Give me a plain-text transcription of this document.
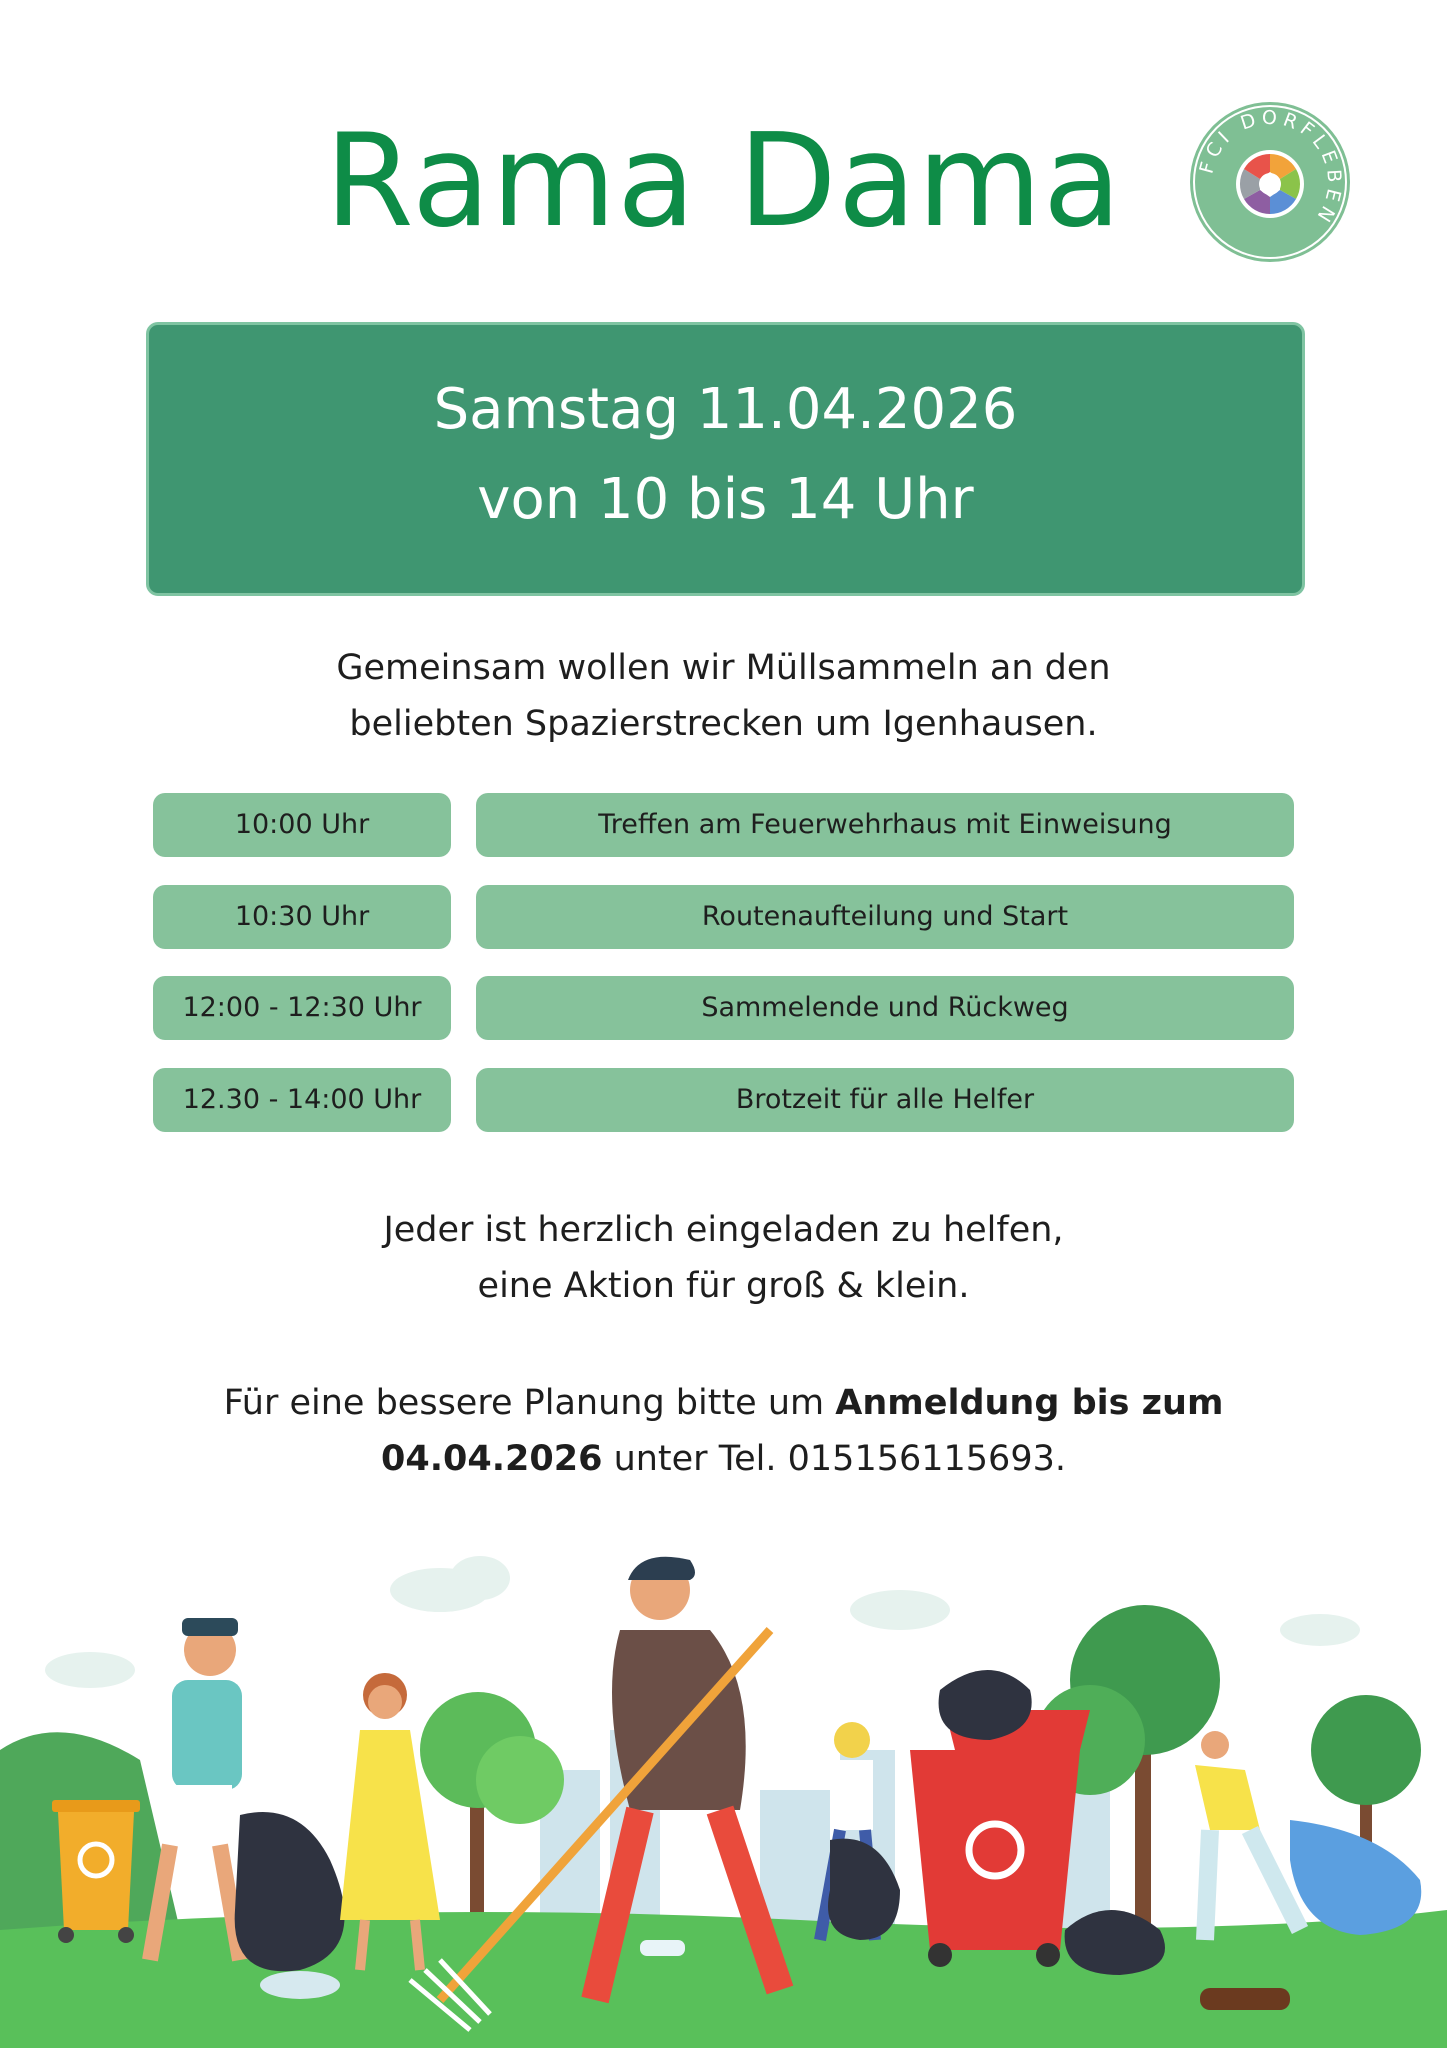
Rama Dama	FCI DORFLEBEN
Samstag 11.04.2026
von 10 bis 14 Uhr
Gemeinsam wollen wir Müllsammeln an den
beliebten Spazierstrecken um Igenhausen.
10:00 Uhr	Treffen am Feuerwehrhaus mit Einweisung
10:30 Uhr	Routenaufteilung und Start
12:00 - 12:30 Uhr	Sammelende und Rückweg
12.30 - 14:00 Uhr	Brotzeit für alle Helfer
Jeder ist herzlich eingeladen zu helfen,
eine Aktion für groß & klein.
Für eine bessere Planung bitte um Anmeldung bis zum
04.04.2026 unter Tel. 015156115693.
